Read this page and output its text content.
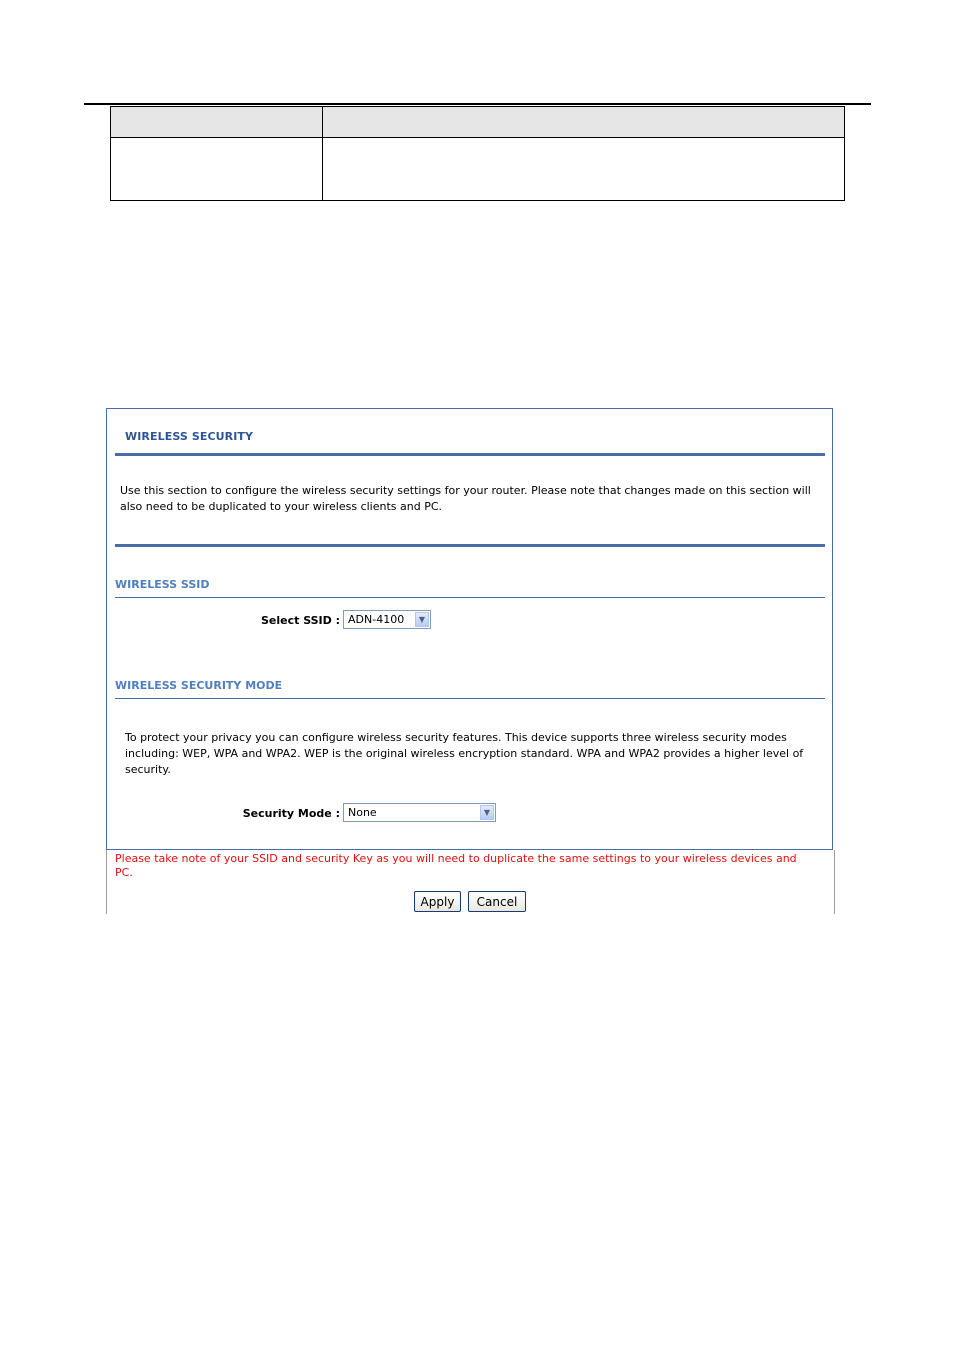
WIRELESS SECURITY
Use this section to configure the wireless security settings for your router. Please note that changes made on this section will also need to be duplicated to your wireless clients and PC.
WIRELESS SSID
Select SSID : ADN-4100	▼
WIRELESS SECURITY MODE
To protect your privacy you can configure wireless security features. This device supports three wireless security modes including: WEP, WPA and WPA2. WEP is the original wireless encryption standard. WPA and WPA2 provides a higher level of security.
Security Mode : None	▼
Please take note of your SSID and security Key as you will need to duplicate the same settings to your wireless devices and PC.
Apply	Cancel
